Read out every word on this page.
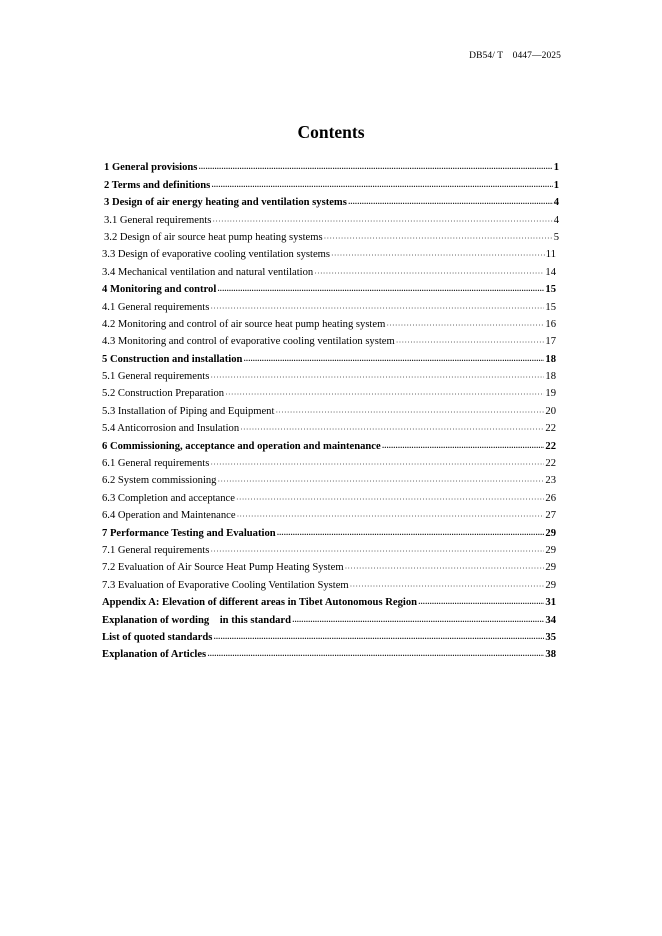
DB54/ T　0447—2025
Contents
1 General provisions ·····	1
2 Terms and definitions ·····	1
3 Design of air energy heating and ventilation systems ·····	4
3.1 General requirements ·····	4
3.2 Design of air source heat pump heating systems ·····	5
3.3 Design of evaporative cooling ventilation systems ·····	11
3.4 Mechanical ventilation and natural ventilation ·····	14
4 Monitoring and control ·····	15
4.1 General requirements ·····	15
4.2 Monitoring and control of air source heat pump heating system ·····	16
4.3 Monitoring and control of evaporative cooling ventilation system ·····	17
5 Construction and installation ·····	18
5.1 General requirements ·····	18
5.2 Construction Preparation ·····	19
5.3 Installation of Piping and Equipment ·····	20
5.4 Anticorrosion and Insulation ·····	22
6 Commissioning, acceptance and operation and maintenance ·····	22
6.1 General requirements ·····	22
6.2 System commissioning ·····	23
6.3 Completion and acceptance ·····	26
6.4 Operation and Maintenance ·····	27
7 Performance Testing and Evaluation ·····	29
7.1 General requirements ·····	29
7.2 Evaluation of Air Source Heat Pump Heating System ·····	29
7.3 Evaluation of Evaporative Cooling Ventilation System ·····	29
Appendix A: Elevation of different areas in Tibet Autonomous Region ·····	31
Explanation of wording　in this standard ·····	34
List of quoted standards ·····	35
Explanation of Articles ·····	38
